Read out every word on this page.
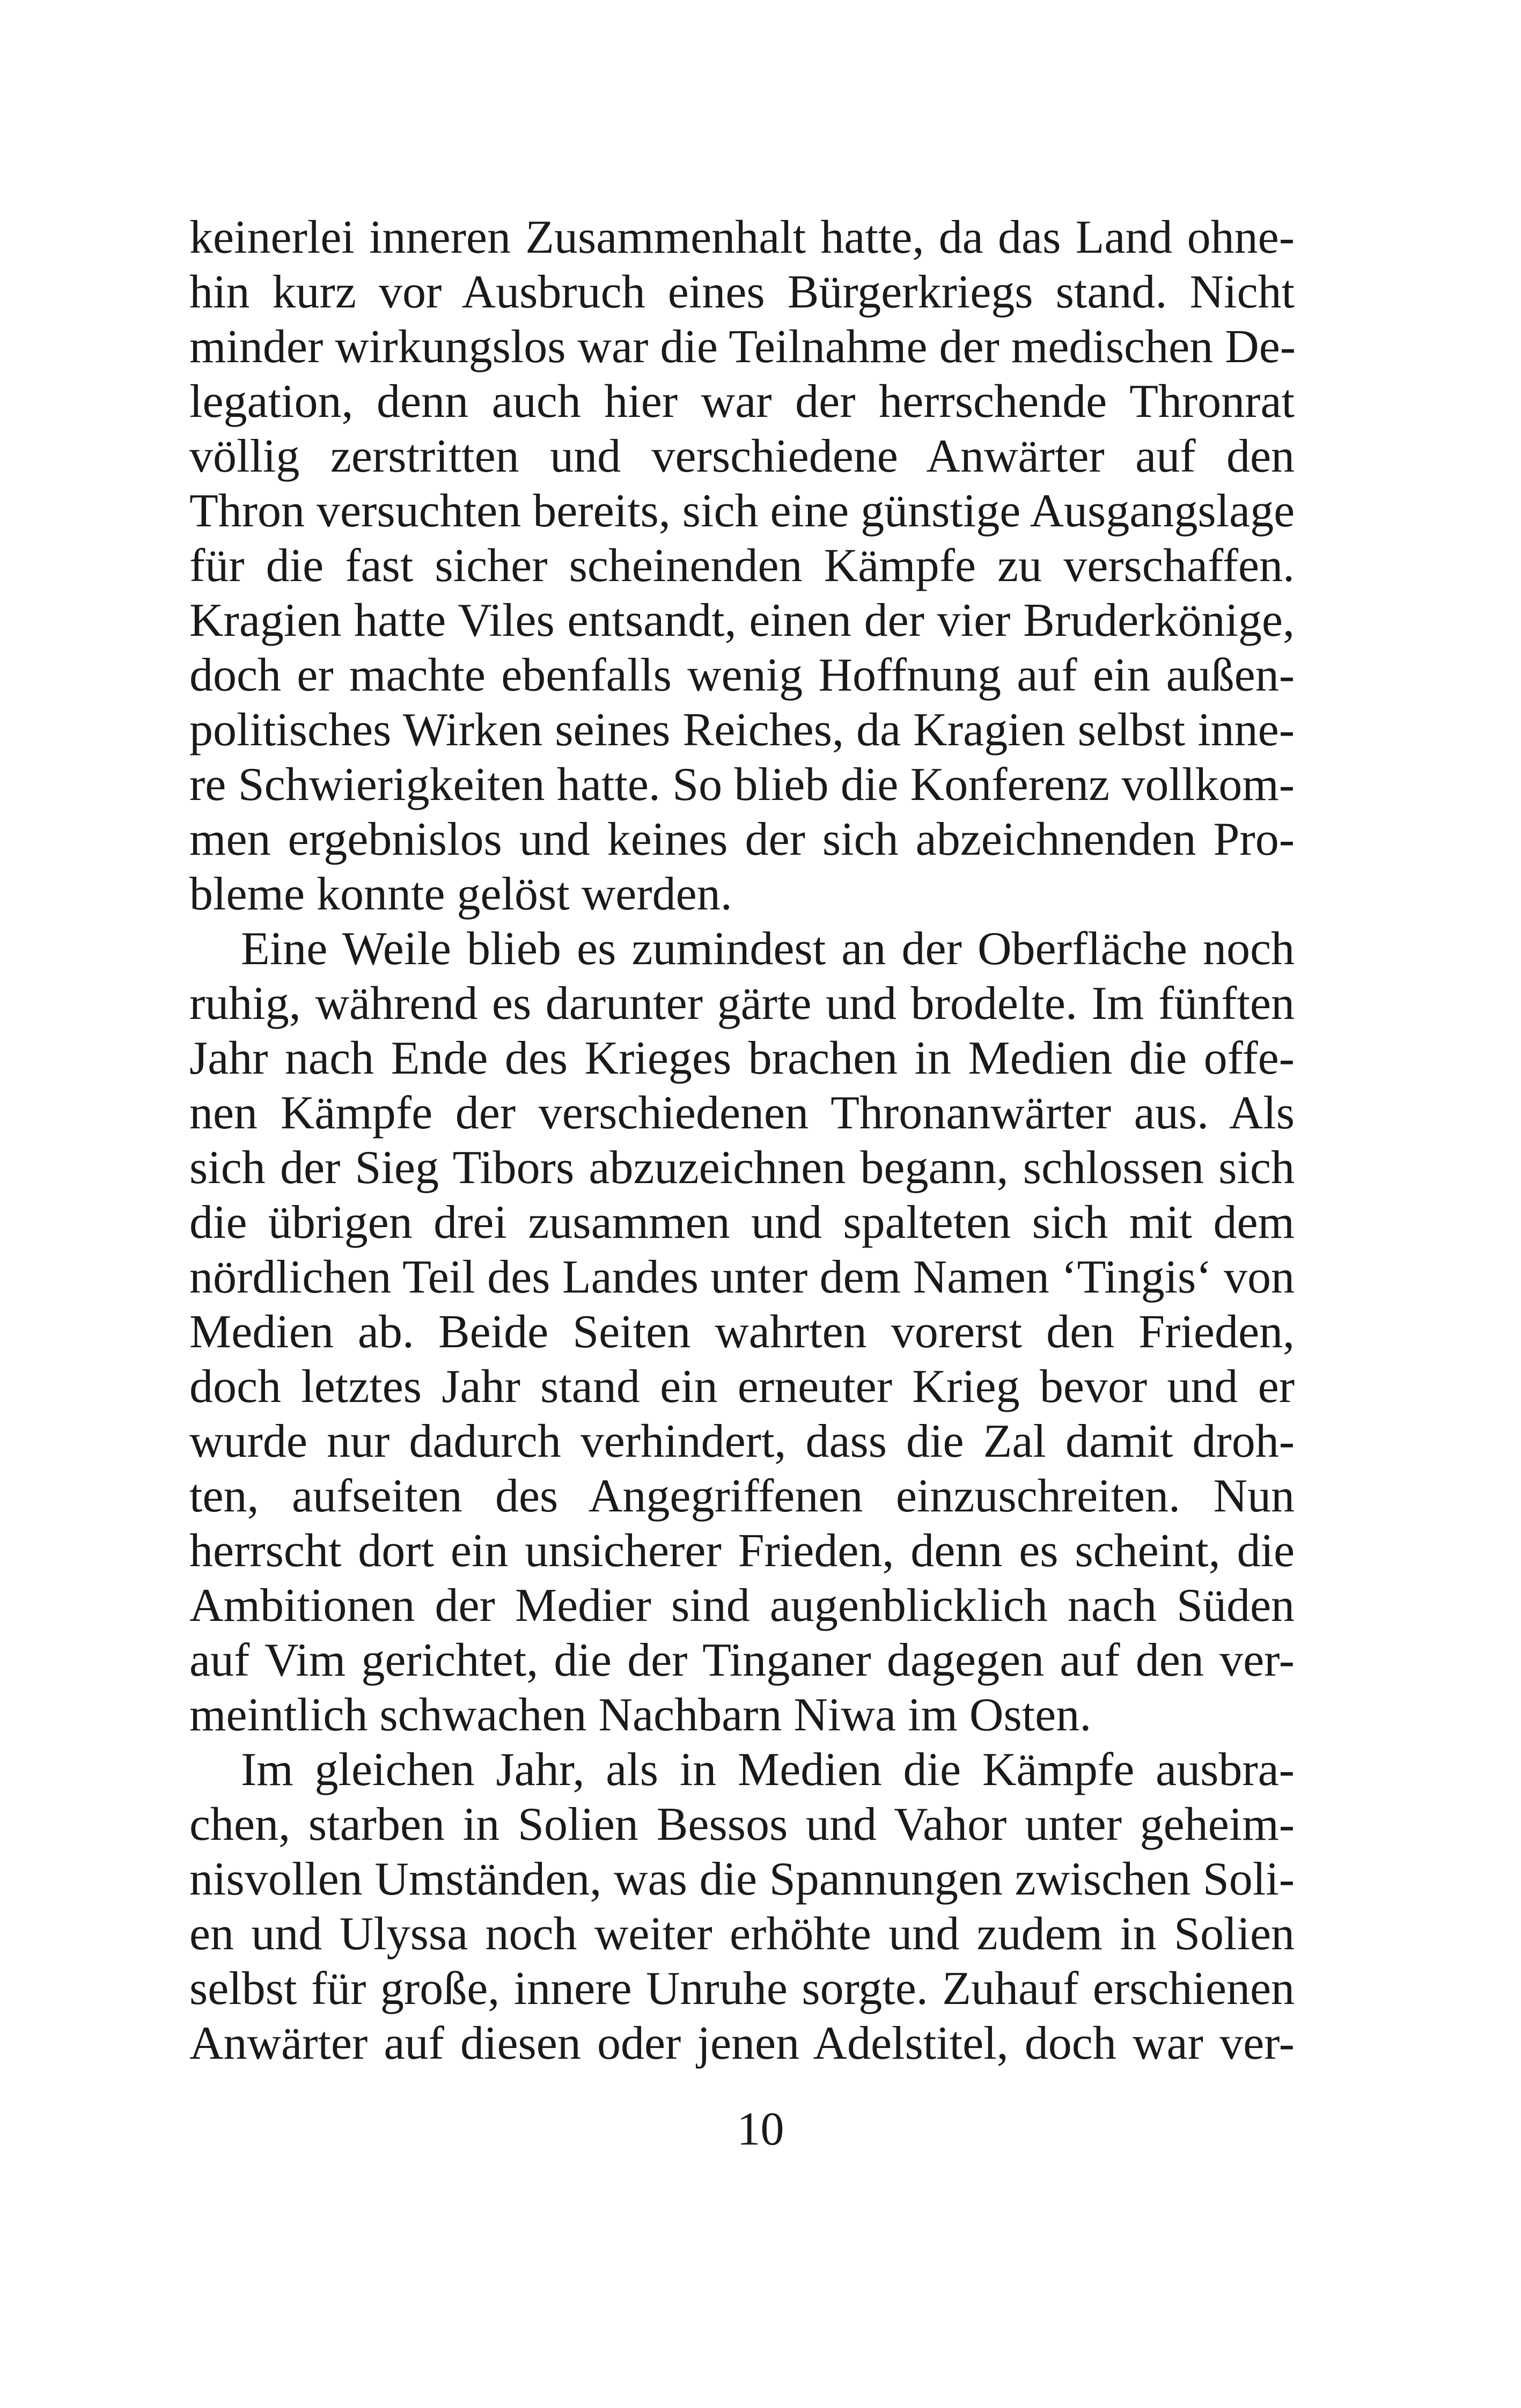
keinerlei inneren Zusammenhalt hatte, da das Land ohne-
hin kurz vor Ausbruch eines Bürgerkriegs stand. Nicht
minder wirkungslos war die Teilnahme der medischen De-
legation, denn auch hier war der herrschende Thronrat
völlig zerstritten und verschiedene Anwärter auf den
Thron versuchten bereits, sich eine günstige Ausgangslage
für die fast sicher scheinenden Kämpfe zu verschaffen.
Kragien hatte Viles entsandt, einen der vier Bruderkönige,
doch er machte ebenfalls wenig Hoffnung auf ein außen-
politisches Wirken seines Reiches, da Kragien selbst inne-
re Schwierigkeiten hatte. So blieb die Konferenz vollkom-
men ergebnislos und keines der sich abzeichnenden Pro-
bleme konnte gelöst werden.
Eine Weile blieb es zumindest an der Oberfläche noch
ruhig, während es darunter gärte und brodelte. Im fünften
Jahr nach Ende des Krieges brachen in Medien die offe-
nen Kämpfe der verschiedenen Thronanwärter aus. Als
sich der Sieg Tibors abzuzeichnen begann, schlossen sich
die übrigen drei zusammen und spalteten sich mit dem
nördlichen Teil des Landes unter dem Namen ‘Tingis‘ von
Medien ab. Beide Seiten wahrten vorerst den Frieden,
doch letztes Jahr stand ein erneuter Krieg bevor und er
wurde nur dadurch verhindert, dass die Zal damit droh-
ten, aufseiten des Angegriffenen einzuschreiten. Nun
herrscht dort ein unsicherer Frieden, denn es scheint, die
Ambitionen der Medier sind augenblicklich nach Süden
auf Vim gerichtet, die der Tinganer dagegen auf den ver-
meintlich schwachen Nachbarn Niwa im Osten.
Im gleichen Jahr, als in Medien die Kämpfe ausbra-
chen, starben in Solien Bessos und Vahor unter geheim-
nisvollen Umständen, was die Spannungen zwischen Soli-
en und Ulyssa noch weiter erhöhte und zudem in Solien
selbst für große, innere Unruhe sorgte. Zuhauf erschienen
Anwärter auf diesen oder jenen Adelstitel, doch war ver-
10
